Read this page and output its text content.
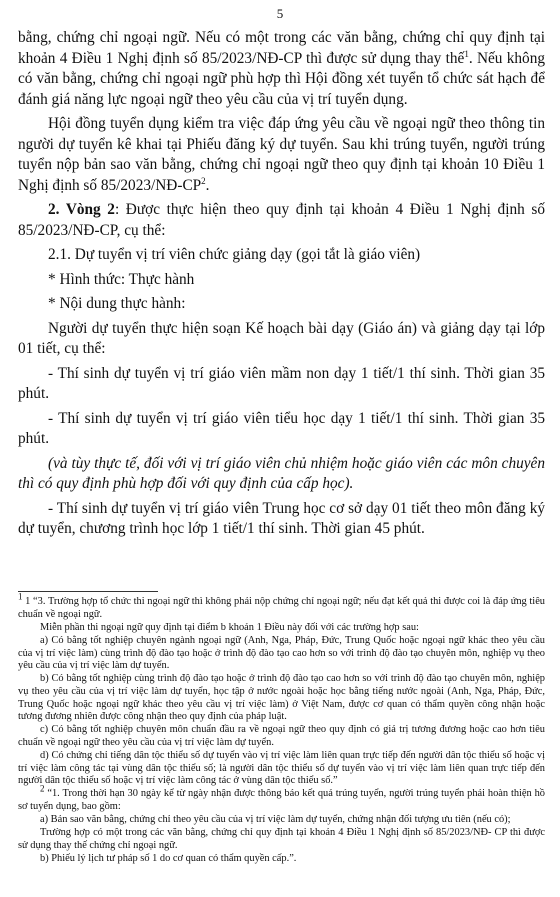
5

bằng, chứng chỉ ngoại ngữ. Nếu có một trong các văn bằng, chứng chỉ quy định tại khoản 4 Điều 1 Nghị định số 85/2023/NĐ-CP thì được sử dụng thay thế$^1$. Nếu không có văn bằng, chứng chỉ ngoại ngữ phù hợp thì Hội đồng xét tuyển tổ chức sát hạch để đánh giá năng lực ngoại ngữ theo yêu cầu của vị trí tuyển dụng.

Hội đồng tuyển dụng kiểm tra việc đáp ứng yêu cầu về ngoại ngữ theo thông tin người dự tuyển kê khai tại Phiếu đăng ký dự tuyển. Sau khi trúng tuyển, người trúng tuyển nộp bản sao văn bằng, chứng chỉ ngoại ngữ theo quy định tại khoản 10 Điều 1 Nghị định số $85/2023/NĐ-CP^2$.

2. Vòng 2: Được thực hiện theo quy định tại khoản 4 Điều 1 Nghị định số 85/2023/NĐ-CP, cụ thể:

2.1. Dự tuyển vị trí viên chức giảng dạy (gọi tắt là giáo viên)

* Hình thức: Thực hành

* Nội dung thực hành:

Người dự tuyển thực hiện soạn Kế hoạch bài dạy (Giáo án) và giảng dạy tại lớp 01 tiết, cụ thể:

- Thí sinh dự tuyển vị trí giáo viên mầm non dạy 1 tiết/1 thí sinh. Thời gian 35 phút.

- Thí sinh dự tuyển vị trí giáo viên tiểu học dạy 1 tiết/1 thí sinh. Thời gian 35 phút.

(và tùy thực tế, đối với vị trí giáo viên chủ nhiệm hoặc giáo viên các môn chuyên thì có quy định phù hợp đối với quy định của cấp học).

- Thí sinh dự tuyển vị trí giáo viên Trung học cơ sở dạy 01 tiết theo môn đăng ký dự tuyển, chương trình học lớp 1 tiết/1 thí sinh. Thời gian 45 phút.

$^1$ 1 “3. Trường hợp tổ chức thi ngoại ngữ thì không phải nộp chứng chỉ ngoại ngữ; nếu đạt kết quả thi được coi là đáp ứng tiêu chuẩn về ngoại ngữ.

Miễn phần thi ngoại ngữ quy định tại điểm b khoản 1 Điều này đối với các trường hợp sau:

a) Có bằng tốt nghiệp chuyên ngành ngoại ngữ (Anh, Nga, Pháp, Đức, Trung Quốc hoặc ngoại ngữ khác theo yêu cầu của vị trí việc làm) cùng trình độ đào tạo hoặc ở trình độ đào tạo cao hơn so với trình độ đào tạo chuyên môn, nghiệp vụ theo yêu cầu của vị trí việc làm dự tuyển.

b) Có bằng tốt nghiệp cùng trình độ đào tạo hoặc ở trình độ đào tạo cao hơn so với trình độ đào tạo chuyên môn, nghiệp vụ theo yêu cầu của vị trí việc làm dự tuyển, học tập ở nước ngoài hoặc học bằng tiếng nước ngoài (Anh, Nga, Pháp, Đức, Trung Quốc hoặc ngoại ngữ khác theo yêu cầu vị trí việc làm) ở Việt Nam, được cơ quan có thẩm quyền công nhận hoặc tương đương nhiên được công nhận theo quy định của pháp luật.

c) Có bằng tốt nghiệp chuyên môn chuẩn đầu ra về ngoại ngữ theo quy định có giá trị tương đương hoặc cao hơn tiêu chuẩn về ngoại ngữ theo yêu cầu của vị trí việc làm dự tuyển.

d) Có chứng chỉ tiếng dân tộc thiểu số dự tuyển vào vị trí việc làm liên quan trực tiếp đến người dân tộc thiểu số hoặc vị trí việc làm công tác tại vùng dân tộc thiểu số; là người dân tộc thiểu số dự tuyển vào vị trí việc làm liên quan trực tiếp đến người dân tộc thiểu số hoặc vị trí việc làm công tác ở vùng dân tộc thiểu số.”

$^2$ “1. Trong thời hạn 30 ngày kể từ ngày nhận được thông báo kết quả trúng tuyển, người trúng tuyển phải hoàn thiện hồ sơ tuyển dụng, bao gồm:

a) Bản sao văn bằng, chứng chỉ theo yêu cầu của vị trí việc làm dự tuyển, chứng nhận đối tượng ưu tiên (nếu có);

Trường hợp có một trong các văn bằng, chứng chỉ quy định tại khoản 4 Điều 1 Nghị định số 85/2023/NĐ- CP thì được sử dụng thay thế chứng chỉ ngoại ngữ.

b) Phiếu lý lịch tư pháp số 1 do cơ quan có thẩm quyền cấp.”.
